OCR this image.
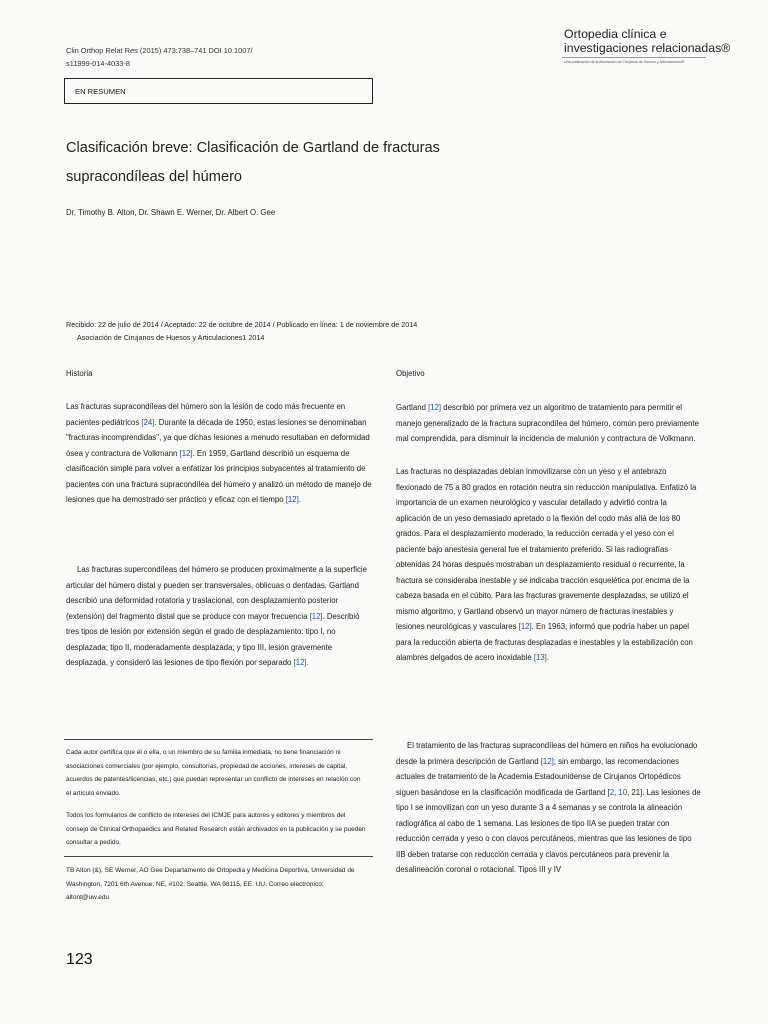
Clin Orthop Relat Res (2015) 473:738–741 DOI 10.1007/
s11999-014-4033-8
Ortopedia clínica e
investigaciones relacionadas®
Una publicación de la Asociación de Cirujanos de Huesos y Articulaciones®
EN RESUMEN
Clasificación breve: Clasificación de Gartland de fracturas
supracondíleas del húmero
Dr. Timothy B. Alton, Dr. Shawn E. Werner, Dr. Albert O. Gee
Recibido: 22 de julio de 2014 / Aceptado: 22 de octubre de 2014 / Publicado en línea: 1 de noviembre de 2014
Asociación de Cirujanos de Huesos y Articulaciones1 2014
Historia

Las fracturas supracondíleas del húmero son la lesión de codo más frecuente en pacientes pediátricos [24]. Durante la década de 1950, estas lesiones se denominaban "fracturas incomprendidas", ya que dichas lesiones a menudo resultaban en deformidad ósea y contractura de Volkmann [12]. En 1959, Gartland describió un esquema de clasificación simple para volver a enfatizar los principios subyacentes al tratamiento de pacientes con una fractura supracondílea del húmero y analizó un método de manejo de lesiones que ha demostrado ser práctico y eficaz con el tiempo [12].

Las fracturas supercondíleas del húmero se producen proximalmente a la superficie articular del húmero distal y pueden ser transversales, oblicuas o dentadas. Gartland describió una deformidad rotatoria y traslacional, con desplazamiento posterior (extensión) del fragmento distal que se produce con mayor frecuencia [12]. Describió tres tipos de lesión por extensión según el grado de desplazamiento: tipo I, no desplazada; tipo II, moderadamente desplazada; y tipo III, lesión gravemente desplazada, y consideró las lesiones de tipo flexión por separado [12].

Cada autor certifica que él o ella, o un miembro de su familia inmediata, no tiene financiación ni asociaciones comerciales (por ejemplo, consultorías, propiedad de acciones, intereses de capital, acuerdos de patentes/licencias, etc.) que puedan representar un conflicto de intereses en relación con el artículo enviado.

Todos los formularios de conflicto de intereses del ICMJE para autores y editores y miembros del consejo de Clinical Orthopaedics and Related Research están archivados en la publicación y se pueden consultar a pedido.

TB Alton (&), SE Werner, AO Gee Departamento de Ortopedia y Medicina Deportiva, Universidad de Washington, 7201 6th Avenue, NE, #102, Seattle, WA 98115, EE. UU. Correo electrónico: altont@uw.edu

Objetivo

Gartland [12] describió por primera vez un algoritmo de tratamiento para permitir el manejo generalizado de la fractura supracondílea del húmero, común pero previamente mal comprendida, para disminuir la incidencia de malunión y contractura de Volkmann.

Las fracturas no desplazadas debían inmovilizarse con un yeso y el antebrazo flexionado de 75 a 80 grados en rotación neutra sin reducción manipulativa. Enfatizó la importancia de un examen neurológico y vascular detallado y advirtió contra la aplicación de un yeso demasiado apretado o la flexión del codo más allá de los 80 grados. Para el desplazamiento moderado, la reducción cerrada y el yeso con el paciente bajo anestesia general fue el tratamiento preferido. Si las radiografías obtenidas 24 horas después mostraban un desplazamiento residual o recurrente, la fractura se consideraba inestable y se indicaba tracción esquelética por encima de la cabeza basada en el cúbito. Para las fracturas gravemente desplazadas, se utilizó el mismo algoritmo, y Gartland observó un mayor número de fracturas inestables y lesiones neurológicas y vasculares [12]. En 1963, informó que podría haber un papel para la reducción abierta de fracturas desplazadas e inestables y la estabilización con alambres delgados de acero inoxidable [13].

El tratamiento de las fracturas supracondíleas del húmero en niños ha evolucionado desde la primera descripción de Gartland [12]; sin embargo, las recomendaciones actuales de tratamiento de la Academia Estadounidense de Cirujanos Ortopédicos siguen basándose en la clasificación modificada de Gartland [2, 10, 21]. Las lesiones de tipo I se inmovilizan con un yeso durante 3 a 4 semanas y se controla la alineación radiográfica al cabo de 1 semana. Las lesiones de tipo IIA se pueden tratar con reducción cerrada y yeso o con clavos percutáneos, mientras que las lesiones de tipo IIB deben tratarse con reducción cerrada y clavos percutáneos para prevenir la desalineación coronal o rotacional. Tipos III y IV

123
